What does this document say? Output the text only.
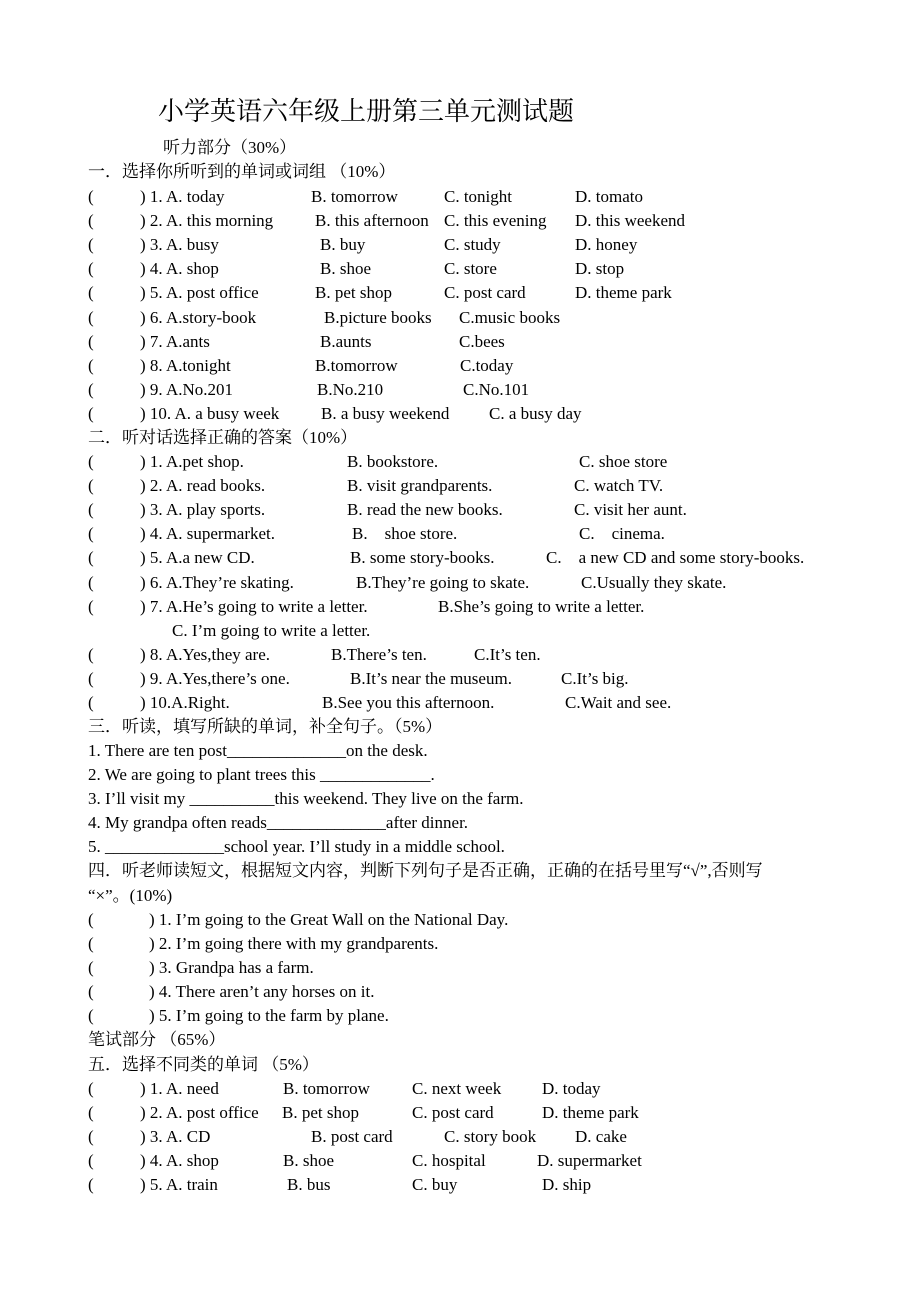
小学英语六年级上册第三单元测试题
听力部分（30%）
笔试部分 （65%）
一．选择你所听到的单词或词组 （10%）
(	) 1. A. today	B. tomorrow	C. tonight	D. tomato
(	) 2. A. this morning B. this afternoon C. this evening D. this weekend
(	) 3. A. busy	B. buy	C. study	D. honey
(	) 4. A. shop	B. shoe	C. store	D. stop
(	) 5. A. post office	B. pet shop	C. post card	D. theme park
(	) 6. A.story-book	B.picture books C.music books
(	) 7. A.ants	B.aunts	C.bees
(	) 8. A.tonight	B.tomorrow	C.today
(	) 9. A.No.201	B.No.210	C.No.101
(	) 10. A. a busy week B. a busy weekend C. a busy day
二．听对话选择正确的答案（10%）
(	) 1. A.pet shop.	B. bookstore.	C. shoe store
(	) 2. A. read books.	B. visit grandparents.	C. watch TV.
(	) 3. A. play sports.	B. read the new books.	C. visit her aunt.
(	) 4. A. supermarket.	B.    shoe store.	C.    cinema.
(	) 5. A.a new CD.	B. some story-books.	C.    a new CD and some story-books.
(	) 6. A.They’re skating.	B.They’re going to skate.	C.Usually they skate.
(	) 7. A.He’s going to write a letter.	B.She’s going to write a letter.
C. I’m going to write a letter.
(	) 8. A.Yes,they are.	B.There’s ten.	C.It’s ten.
(	) 9. A.Yes,there’s one.	B.It’s near the museum.	C.It’s big.
(	) 10.A.Right.	B.See you this afternoon.	C.Wait and see.
三．听读，填写所缺的单词，补全句子。（5%）
1. There are ten post______________on the desk.
2. We are going to plant trees this _____________.
3. I’ll visit my __________this weekend. They live on the farm.
4. My grandpa often reads______________after dinner.
5. ______________school year. I’ll study in a middle school.
四．听老师读短文，根据短文内容，判断下列句子是否正确，正确的在括号里写“√”,否则写
“×”。(10%)
(	) 1. I’m going to the Great Wall on the National Day.
(	) 2. I’m going there with my grandparents.
(	) 3. Grandpa has a farm.
(	) 4. There aren’t any horses on it.
(	) 5. I’m going to the farm by plane.
五．选择不同类的单词 （5%）
(	) 1. A. need	B. tomorrow C. next week D. today
(	) 2. A. post office B. pet shop	C. post card	D. theme park
(	) 3. A. CD	B. post card	C. story book D. cake
(	) 4. A. shop	B. shoe	C. hospital	D. supermarket
(	) 5. A. train	B. bus	C. buy	D. ship
